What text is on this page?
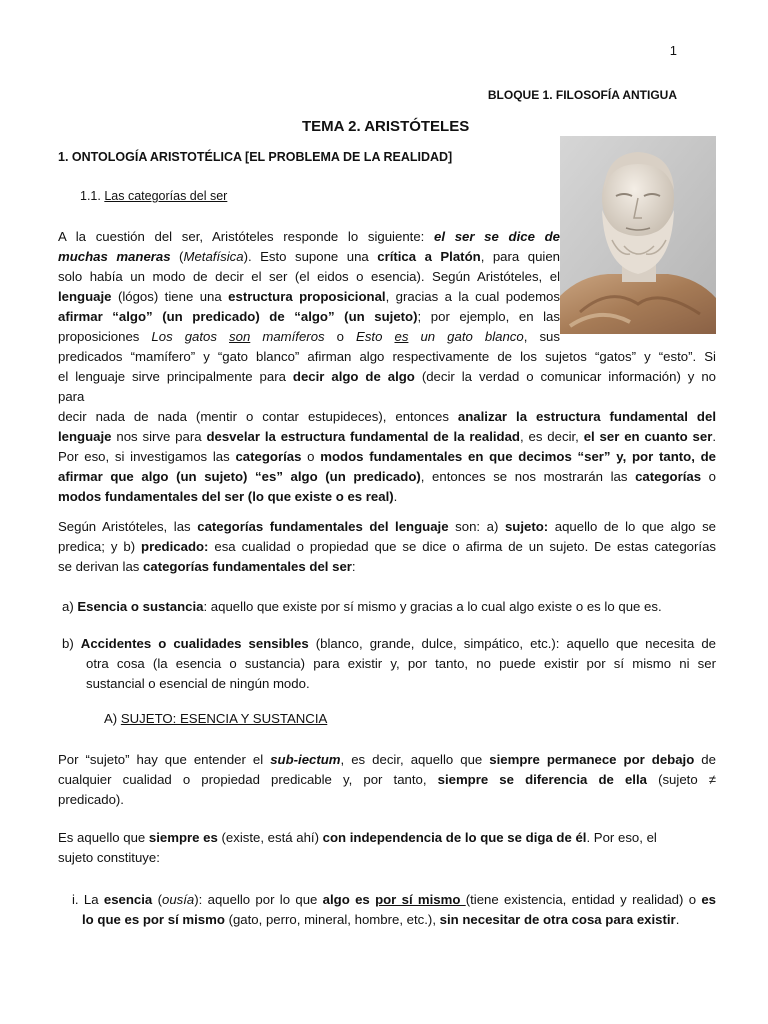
1
BLOQUE 1. FILOSOFÍA ANTIGUA
TEMA 2. ARISTÓTELES
1. ONTOLOGÍA ARISTOTÉLICA [EL PROBLEMA DE LA REALIDAD]
1.1. Las categorías del ser
A la cuestión del ser, Aristóteles responde lo siguiente: el ser se dice de
muchas maneras (Metafísica). Esto supone una crítica a Platón, para quien
solo había un modo de decir el ser (el eidos o esencia). Según Aristóteles, el
lenguaje (lógos) tiene una estructura proposicional, gracias a la cual podemos
afirmar “algo” (un predicado) de “algo” (un sujeto); por ejemplo, en las
proposiciones Los gatos son mamíferos o Esto es un gato blanco, sus
predicados “mamífero” y “gato blanco” afirman algo respectivamente de los sujetos “gatos” y “esto”. Si
el lenguaje sirve principalmente para decir algo de algo (decir la verdad o comunicar información) y no
para
decir nada de nada (mentir o contar estupideces), entonces analizar la estructura fundamental del
lenguaje nos sirve para desvelar la estructura fundamental de la realidad, es decir, el ser en cuanto ser.
Por eso, si investigamos las categorías o modos fundamentales en que decimos “ser” y, por tanto, de
afirmar que algo (un sujeto) “es” algo (un predicado), entonces se nos mostrarán las categorías o
modos fundamentales del ser (lo que existe o es real).
Según Aristóteles, las categorías fundamentales del lenguaje son: a) sujeto: aquello de lo que algo se
predica; y b) predicado: esa cualidad o propiedad que se dice o afirma de un sujeto. De estas categorías
se derivan las categorías fundamentales del ser:
a) Esencia o sustancia: aquello que existe por sí mismo y gracias a lo cual algo existe o es lo que es.
b) Accidentes o cualidades sensibles (blanco, grande, dulce, simpático, etc.): aquello que necesita de
otra cosa (la esencia o sustancia) para existir y, por tanto, no puede existir por sí mismo ni ser
sustancial o esencial de ningún modo.
A) SUJETO: ESENCIA Y SUSTANCIA
Por “sujeto” hay que entender el sub-iectum, es decir, aquello que siempre permanece por debajo de
cualquier cualidad o propiedad predicable y, por tanto, siempre se diferencia de ella (sujeto ≠
predicado).
Es aquello que siempre es (existe, está ahí) con independencia de lo que se diga de él. Por eso, el
sujeto constituye:
i. La esencia (ousía): aquello por lo que algo es por sí mismo (tiene existencia, entidad y realidad) o es
lo que es por sí mismo (gato, perro, mineral, hombre, etc.), sin necesitar de otra cosa para existir.
